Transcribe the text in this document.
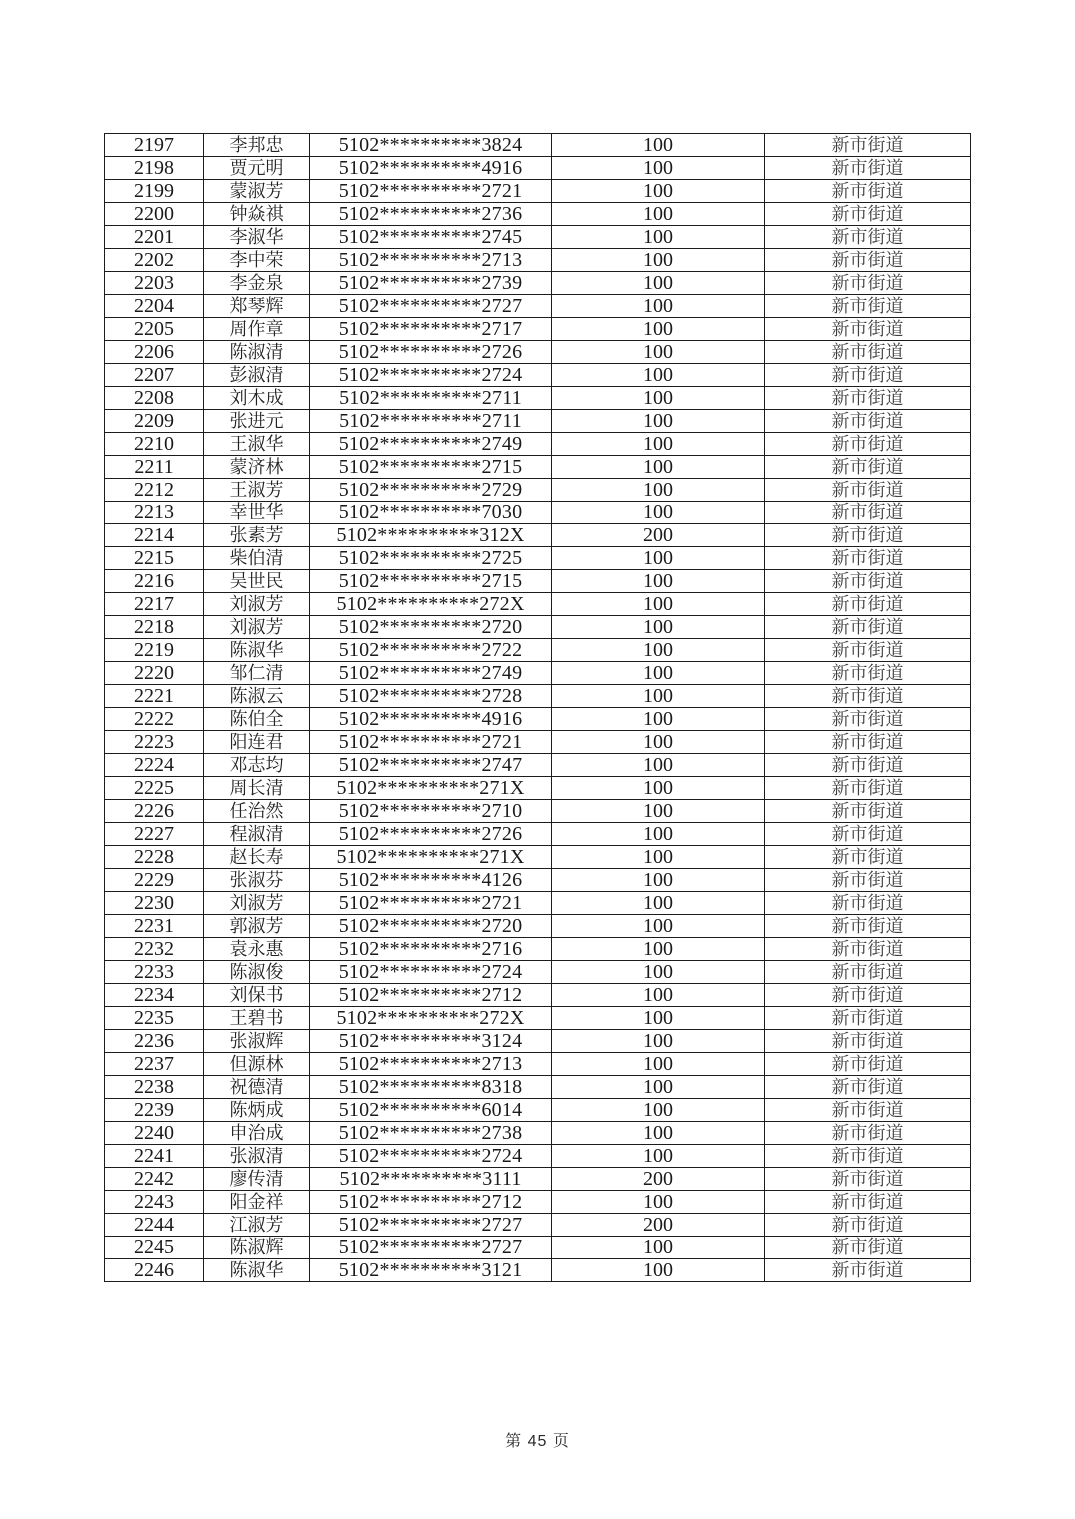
2197	李邦忠	5102**********3824	100	新市街道
2198	贾元明	5102**********4916	100	新市街道
2199	蒙淑芳	5102**********2721	100	新市街道
2200	钟焱祺	5102**********2736	100	新市街道
2201	李淑华	5102**********2745	100	新市街道
2202	李中荣	5102**********2713	100	新市街道
2203	李金泉	5102**********2739	100	新市街道
2204	郑琴辉	5102**********2727	100	新市街道
2205	周作章	5102**********2717	100	新市街道
2206	陈淑清	5102**********2726	100	新市街道
2207	彭淑清	5102**********2724	100	新市街道
2208	刘木成	5102**********2711	100	新市街道
2209	张进元	5102**********2711	100	新市街道
2210	王淑华	5102**********2749	100	新市街道
2211	蒙济林	5102**********2715	100	新市街道
2212	王淑芳	5102**********2729	100	新市街道
2213	幸世华	5102**********7030	100	新市街道
2214	张素芳	5102**********312X	200	新市街道
2215	柴伯清	5102**********2725	100	新市街道
2216	吴世民	5102**********2715	100	新市街道
2217	刘淑芳	5102**********272X	100	新市街道
2218	刘淑芳	5102**********2720	100	新市街道
2219	陈淑华	5102**********2722	100	新市街道
2220	邹仁清	5102**********2749	100	新市街道
2221	陈淑云	5102**********2728	100	新市街道
2222	陈伯全	5102**********4916	100	新市街道
2223	阳连君	5102**********2721	100	新市街道
2224	邓志均	5102**********2747	100	新市街道
2225	周长清	5102**********271X	100	新市街道
2226	任治然	5102**********2710	100	新市街道
2227	程淑清	5102**********2726	100	新市街道
2228	赵长寿	5102**********271X	100	新市街道
2229	张淑芬	5102**********4126	100	新市街道
2230	刘淑芳	5102**********2721	100	新市街道
2231	郭淑芳	5102**********2720	100	新市街道
2232	袁永惠	5102**********2716	100	新市街道
2233	陈淑俊	5102**********2724	100	新市街道
2234	刘保书	5102**********2712	100	新市街道
2235	王碧书	5102**********272X	100	新市街道
2236	张淑辉	5102**********3124	100	新市街道
2237	但源林	5102**********2713	100	新市街道
2238	祝德清	5102**********8318	100	新市街道
2239	陈炳成	5102**********6014	100	新市街道
2240	申治成	5102**********2738	100	新市街道
2241	张淑清	5102**********2724	100	新市街道
2242	廖传清	5102**********3111	200	新市街道
2243	阳金祥	5102**********2712	100	新市街道
2244	江淑芳	5102**********2727	200	新市街道
2245	陈淑辉	5102**********2727	100	新市街道
2246	陈淑华	5102**********3121	100	新市街道
第 45 页
